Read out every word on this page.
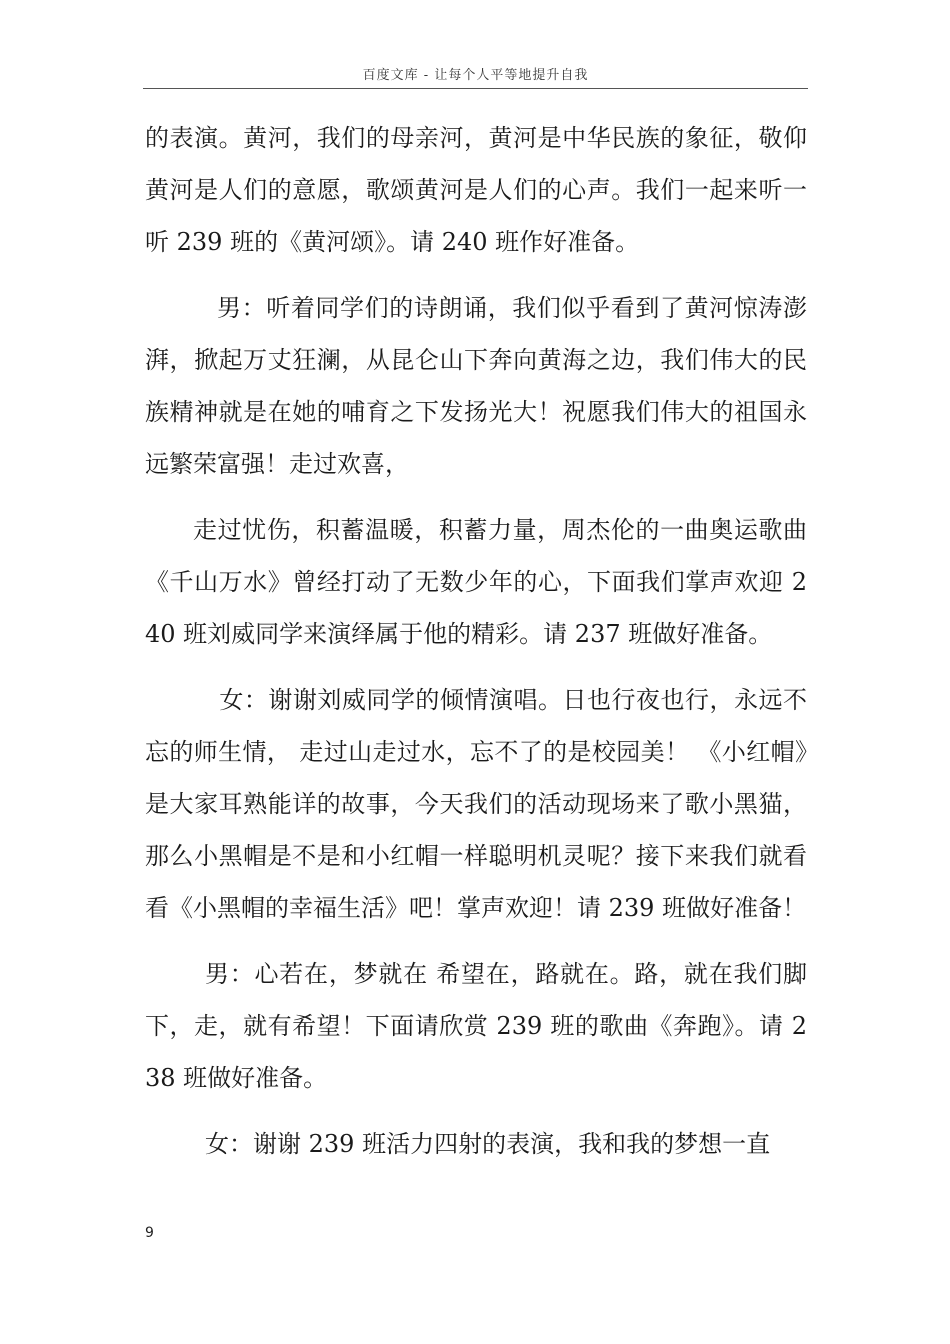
百度文库 - 让每个人平等地提升自我

的表演。黄河，我们的母亲河，黄河是中华民族的象征，敬仰黄河是人们的意愿，歌颂黄河是人们的心声。我们一起来听一听 239 班的《黄河颂》。请 240 班作好准备。

男：听着同学们的诗朗诵，我们似乎看到了黄河惊涛澎湃，掀起万丈狂澜，从昆仑山下奔向黄海之边，我们伟大的民族精神就是在她的哺育之下发扬光大！祝愿我们伟大的祖国永远繁荣富强！走过欢喜，

走过忧伤，积蓄温暖，积蓄力量，周杰伦的一曲奥运歌曲《千山万水》曾经打动了无数少年的心，下面我们掌声欢迎 240 班刘威同学来演绎属于他的精彩。请 237 班做好准备。

女：谢谢刘威同学的倾情演唱。日也行夜也行，永远不忘的师生情， 走过山走过水，忘不了的是校园美！ 《小红帽》是大家耳熟能详的故事，今天我们的活动现场来了歌小黑猫，那么小黑帽是不是和小红帽一样聪明机灵呢？接下来我们就看看《小黑帽的幸福生活》吧！掌声欢迎！请 239 班做好准备！

男：心若在，梦就在 希望在，路就在。路，就在我们脚下，走，就有希望！下面请欣赏 239 班的歌曲《奔跑》。请 238 班做好准备。

女：谢谢 239 班活力四射的表演，我和我的梦想一直

9
